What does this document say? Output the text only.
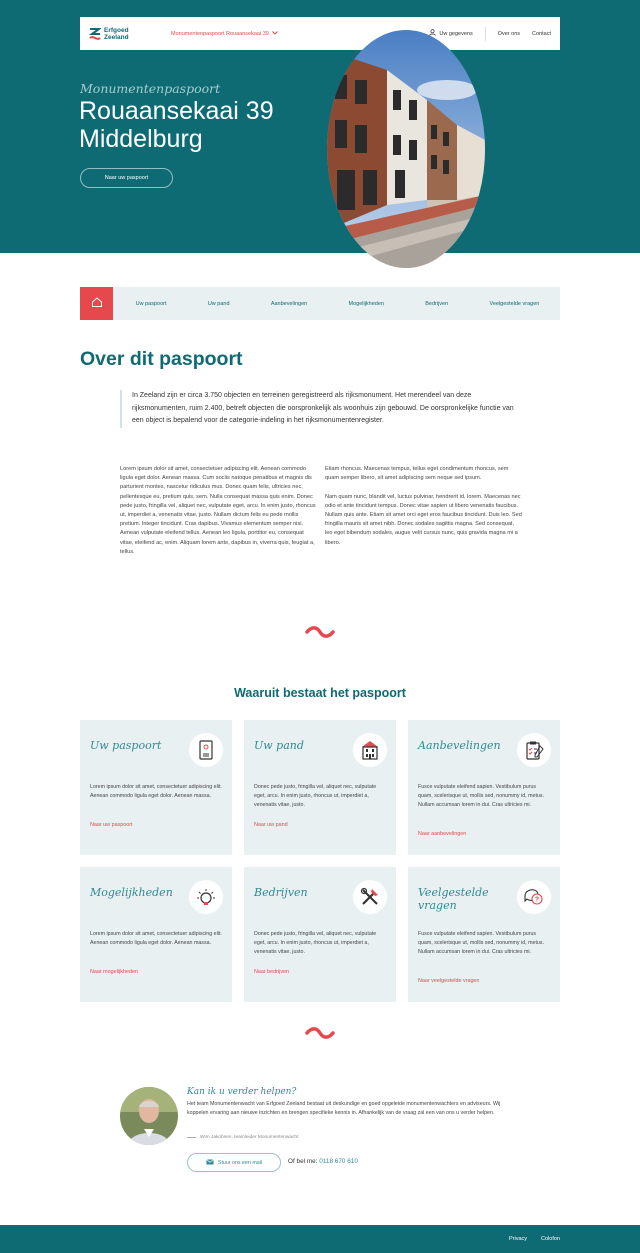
Erfgoed
Zeeland	Monumentenpaspoort Rouaansekaai 39	Uw gegevens	Over ons Contact
Monumentenpaspoort
Rouaansekaai 39
Middelburg
Naar uw paspoort
Uw paspoort	Uw pand	Aanbevelingen	Mogelijkheden	Bedrijven	Veelgestelde vragen
Over dit paspoort

In Zeeland zijn er circa 3.750 objecten en terreinen geregistreerd als rijksmonument. Het merendeel van deze rijksmonumenten, ruim 2.400, betreft objecten die oorspronkelijk als woonhuis zijn gebouwd. De oorspronkelijke functie van een object is bepalend voor de categorie-indeling in het rijksmonumentenregister.

Lorem ipsum dolor sit amet, consectetuer adipiscing elit. Aenean commodo ligula eget dolor. Aenean massa. Cum sociis natoque penatibus et magnis dis parturient montes, nascetur ridiculus mus. Donec quam felis, ultricies nec, pellentesque eu, pretium quis, sem. Nulla consequat massa quis enim. Donec pede justo, fringilla vel, aliquet nec, vulputate eget, arcu. In enim justo, rhoncus ut, imperdiet a, venenatis vitae, justo. Nullam dictum felis eu pede mollis pretium. Integer tincidunt. Cras dapibus. Vivamus elementum semper nisi. Aenean vulputate eleifend tellus. Aenean leo ligula, porttitor eu, consequat vitae, eleifend ac, enim. Aliquam lorem ante, dapibus in, viverra quis, feugiat a, tellus.

Etiam rhoncus. Maecenas tempus, tellus eget condimentum rhoncus, sem quam semper libero, sit amet adipiscing sem neque sed ipsum.

Nam quam nunc, blandit vel, luctus pulvinar, hendrerit id, lorem. Maecenas nec odio et ante tincidunt tempus. Donec vitae sapien ut libero venenatis faucibus. Nullam quis ante. Etiam sit amet orci eget eros faucibus tincidunt. Duis leo. Sed fringilla mauris sit amet nibh. Donec sodales sagittis magna. Sed consequat, leo eget bibendum sodales, augue velit cursus nunc, quis gravida magna mi a libero.

Waaruit bestaat het paspoort
Uw paspoort
Lorem ipsum dolor sit amet, consectetuer adipiscing elit. Aenean commodo ligula eget dolor. Aenean massa.
Naar uw paspoort
Uw pand
Donec pede justo, fringilla vel, aliquet nec, vulputate eget, arcu. In enim justo, rhoncus ut, imperdiet a, venenatis vitae, justo.
Naar uw pand
Aanbevelingen
Fusce vulputate eleifend sapien. Vestibulum purus quam, scelerisque ut, mollis sed, nonummy id, metus. Nullam accumsan lorem in dui. Cras ultricies mi.
Naar aanbevelingen
Mogelijkheden
Lorem ipsum dolor sit amet, consectetuer adipiscing elit. Aenean commodo ligula eget dolor. Aenean massa.
Naar mogelijkheden
Bedrijven
Donec pede justo, fringilla vel, aliquet nec, vulputate eget, arcu. In enim justo, rhoncus ut, imperdiet a, venenatis vitae, justo.
Naar bedrijven
Veelgestelde vragen	?
Fusce vulputate eleifend sapien. Vestibulum purus quam, scelerisque ut, mollis sed, nonummy id, metus. Nullam accumsan lorem in dui. Cras ultricies mi.
Naar veelgestelde vragen
Kan ik u verder helpen?

Het team Monumentenwacht van Erfgoed Zeeland bestaat uit deskundige en goed opgeleide monumentenwachters en adviseurs. Wij koppelen ervaring aan nieuwe inzichten en brengen specifieke kennis in. Afhankelijk van de vraag zal een van ons u verder helpen.

Wim Jakobsen, teamleider Monumentenwacht
Stuur ons een mail	Of bel me: 0118 670 610
Privacy	Colofon
